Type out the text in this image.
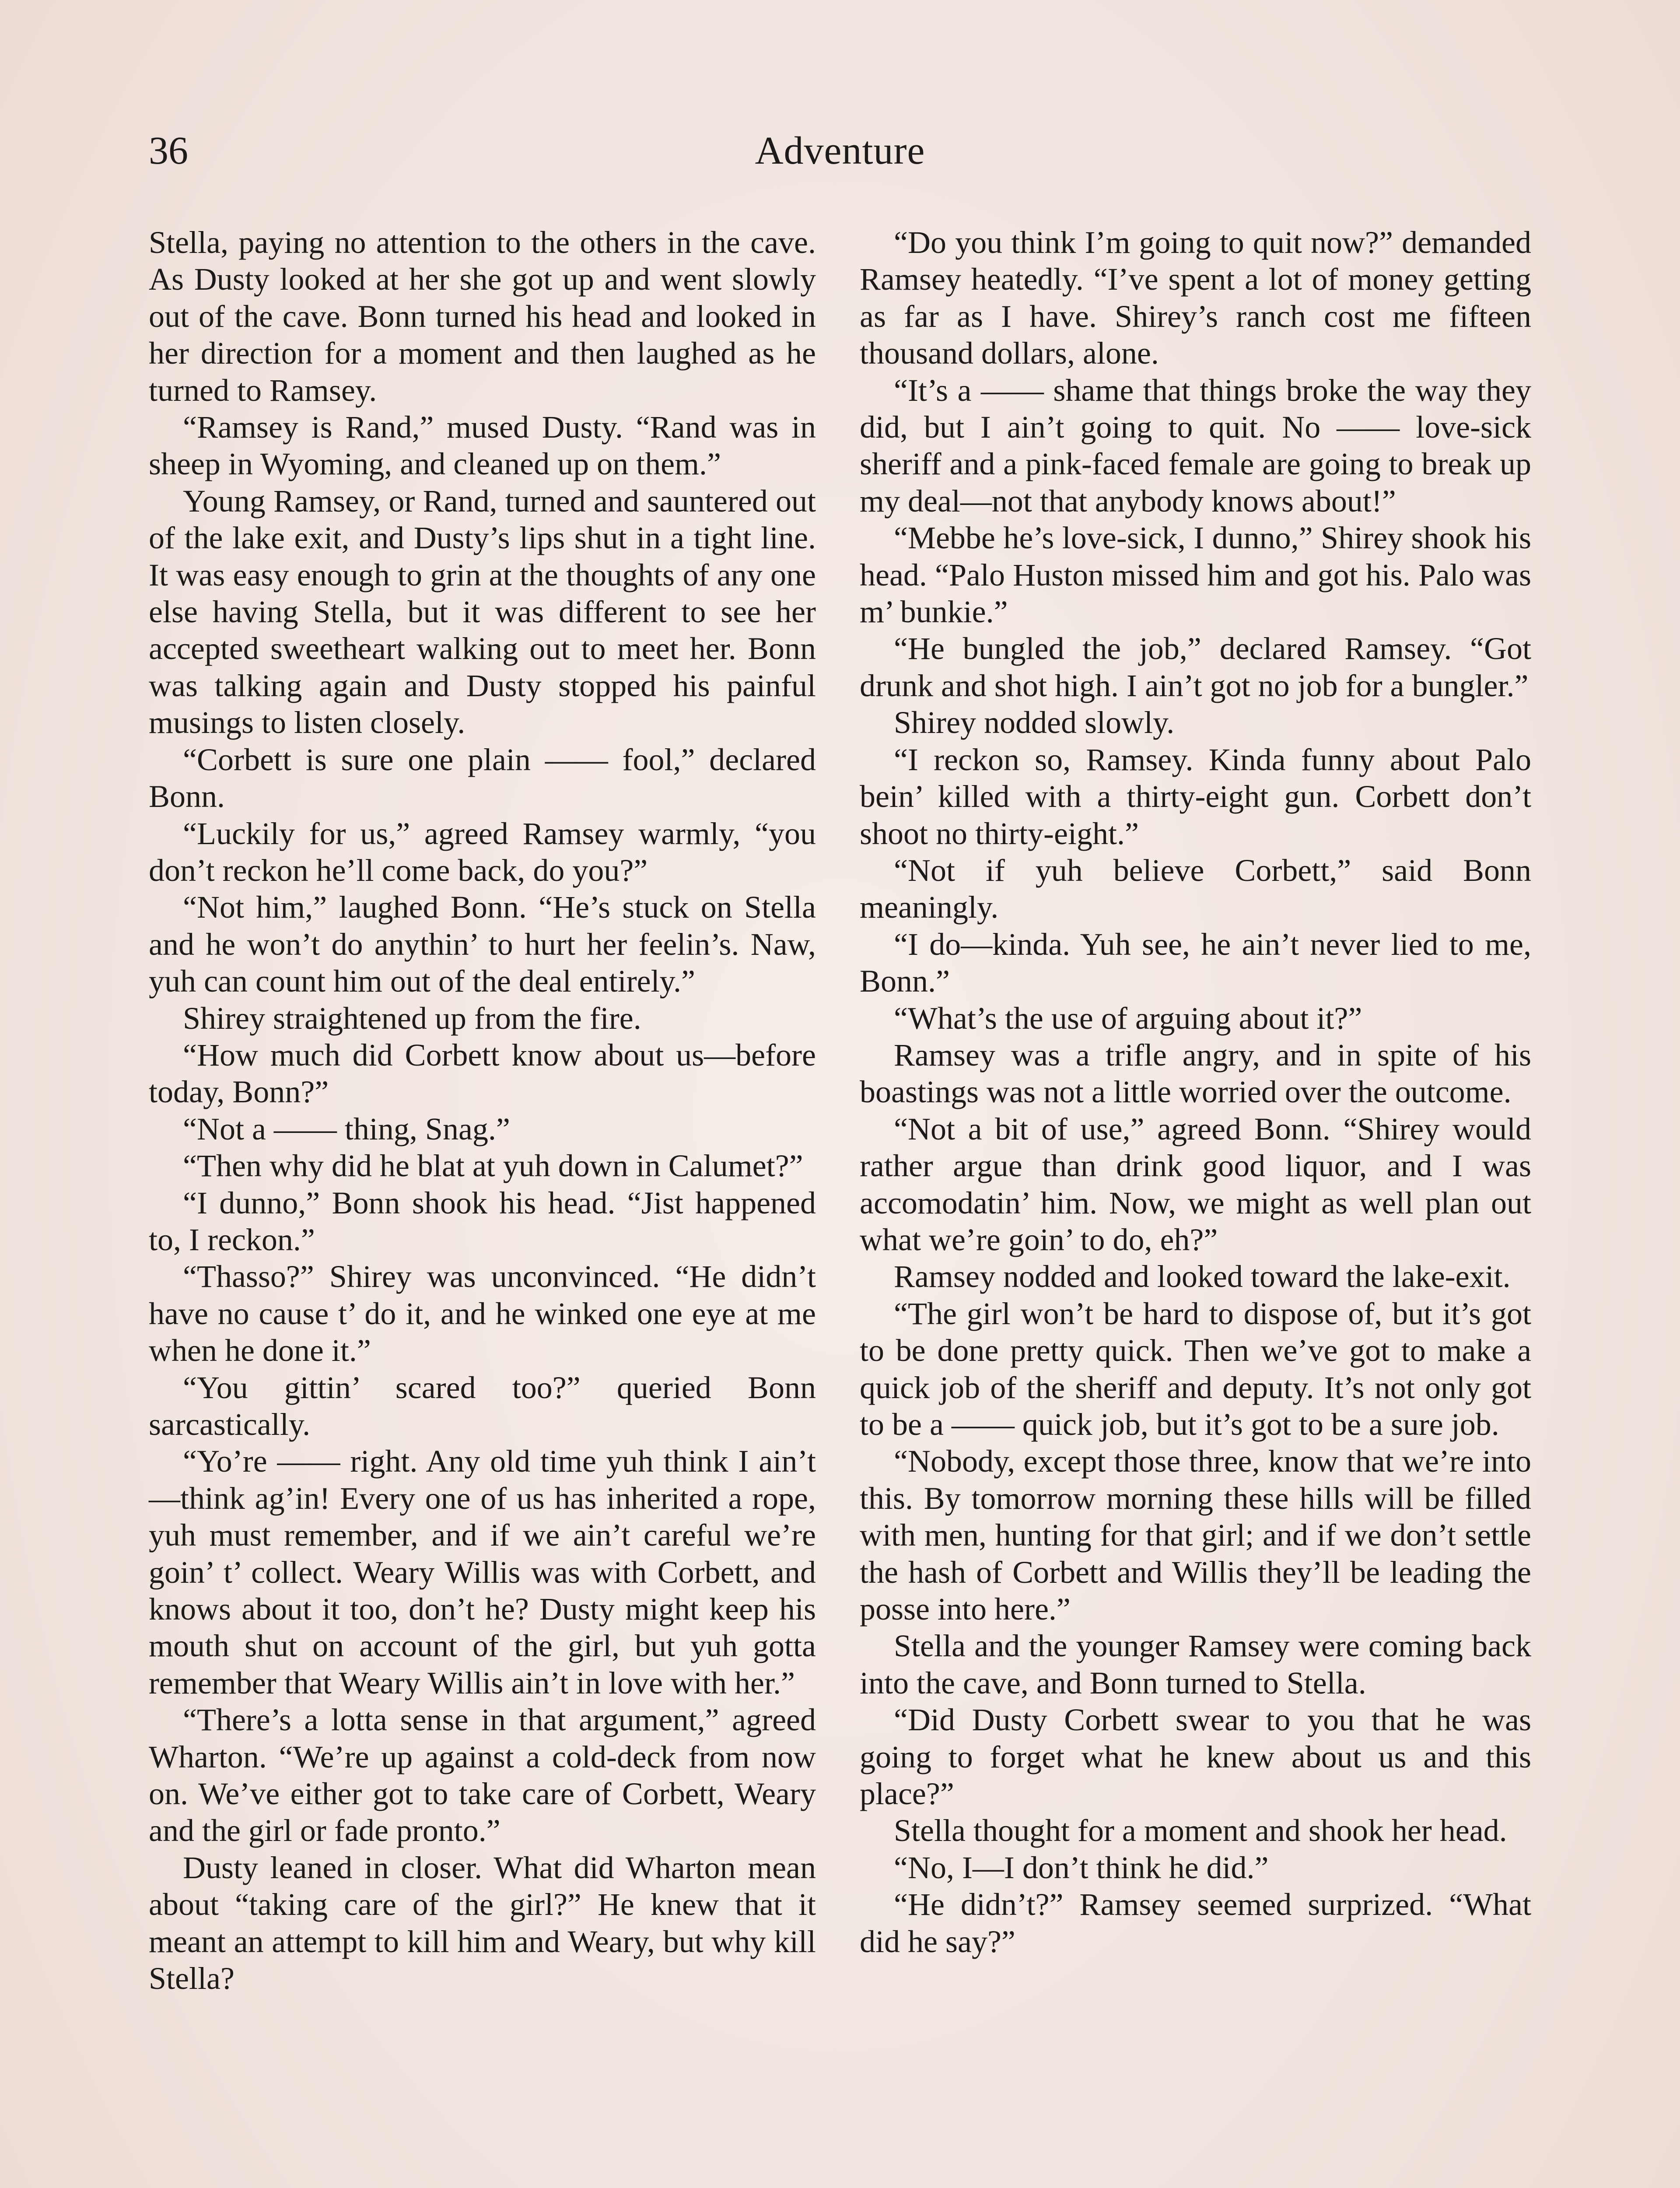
36	Adventure

Stella, paying no attention to the others in the cave. As Dusty looked at her she got up and went slowly out of the cave. Bonn turned his head and looked in her direction for a moment and then laughed as he turned to Ramsey.

“Ramsey is Rand,” mused Dusty. “Rand was in sheep in Wyoming, and cleaned up on them.”

Young Ramsey, or Rand, turned and sauntered out of the lake exit, and Dusty’s lips shut in a tight line. It was easy enough to grin at the thoughts of any one else having Stella, but it was different to see her accepted sweetheart walking out to meet her. Bonn was talking again and Dusty stopped his painful musings to listen closely.

“Corbett is sure one plain —— fool,” declared Bonn.

“Luckily for us,” agreed Ramsey warmly, “you don’t reckon he’ll come back, do you?”

“Not him,” laughed Bonn. “He’s stuck on Stella and he won’t do anythin’ to hurt her feelin’s. Naw, yuh can count him out of the deal entirely.”

Shirey straightened up from the fire.

“How much did Corbett know about us—before today, Bonn?”

“Not a —— thing, Snag.”

“Then why did he blat at yuh down in Calumet?”

“I dunno,” Bonn shook his head. “Jist happened to, I reckon.”

“Thasso?” Shirey was unconvinced. “He didn’t have no cause t’ do it, and he winked one eye at me when he done it.”

“You gittin’ scared too?” queried Bonn sarcastically.

“Yo’re —— right. Any old time yuh think I ain’t—think ag’in! Every one of us has inherited a rope, yuh must remember, and if we ain’t careful we’re goin’ t’ collect. Weary Willis was with Corbett, and knows about it too, don’t he? Dusty might keep his mouth shut on account of the girl, but yuh gotta remember that Weary Willis ain’t in love with her.”

“There’s a lotta sense in that argument,” agreed Wharton. “We’re up against a cold-deck from now on. We’ve either got to take care of Corbett, Weary and the girl or fade pronto.”

Dusty leaned in closer. What did Wharton mean about “taking care of the girl?” He knew that it meant an attempt to kill him and Weary, but why kill Stella?

“Do you think I’m going to quit now?” demanded Ramsey heatedly. “I’ve spent a lot of money getting as far as I have. Shirey’s ranch cost me fifteen thousand dollars, alone.

“It’s a —— shame that things broke the way they did, but I ain’t going to quit. No —— love-sick sheriff and a pink-faced female are going to break up my deal—not that anybody knows about!”

“Mebbe he’s love-sick, I dunno,” Shirey shook his head. “Palo Huston missed him and got his. Palo was m’ bunkie.”

“He bungled the job,” declared Ramsey. “Got drunk and shot high. I ain’t got no job for a bungler.”

Shirey nodded slowly.

“I reckon so, Ramsey. Kinda funny about Palo bein’ killed with a thirty-eight gun. Corbett don’t shoot no thirty-eight.”

“Not if yuh believe Corbett,” said Bonn meaningly.

“I do—kinda. Yuh see, he ain’t never lied to me, Bonn.”

“What’s the use of arguing about it?”

Ramsey was a trifle angry, and in spite of his boastings was not a little worried over the outcome.

“Not a bit of use,” agreed Bonn. “Shirey would rather argue than drink good liquor, and I was accomodatin’ him. Now, we might as well plan out what we’re goin’ to do, eh?”

Ramsey nodded and looked toward the lake-exit.

“The girl won’t be hard to dispose of, but it’s got to be done pretty quick. Then we’ve got to make a quick job of the sheriff and deputy. It’s not only got to be a —— quick job, but it’s got to be a sure job.

“Nobody, except those three, know that we’re into this. By tomorrow morning these hills will be filled with men, hunting for that girl; and if we don’t settle the hash of Corbett and Willis they’ll be leading the posse into here.”

Stella and the younger Ramsey were coming back into the cave, and Bonn turned to Stella.

“Did Dusty Corbett swear to you that he was going to forget what he knew about us and this place?”

Stella thought for a moment and shook her head.

“No, I—I don’t think he did.”

“He didn’t?” Ramsey seemed surprized. “What did he say?”
